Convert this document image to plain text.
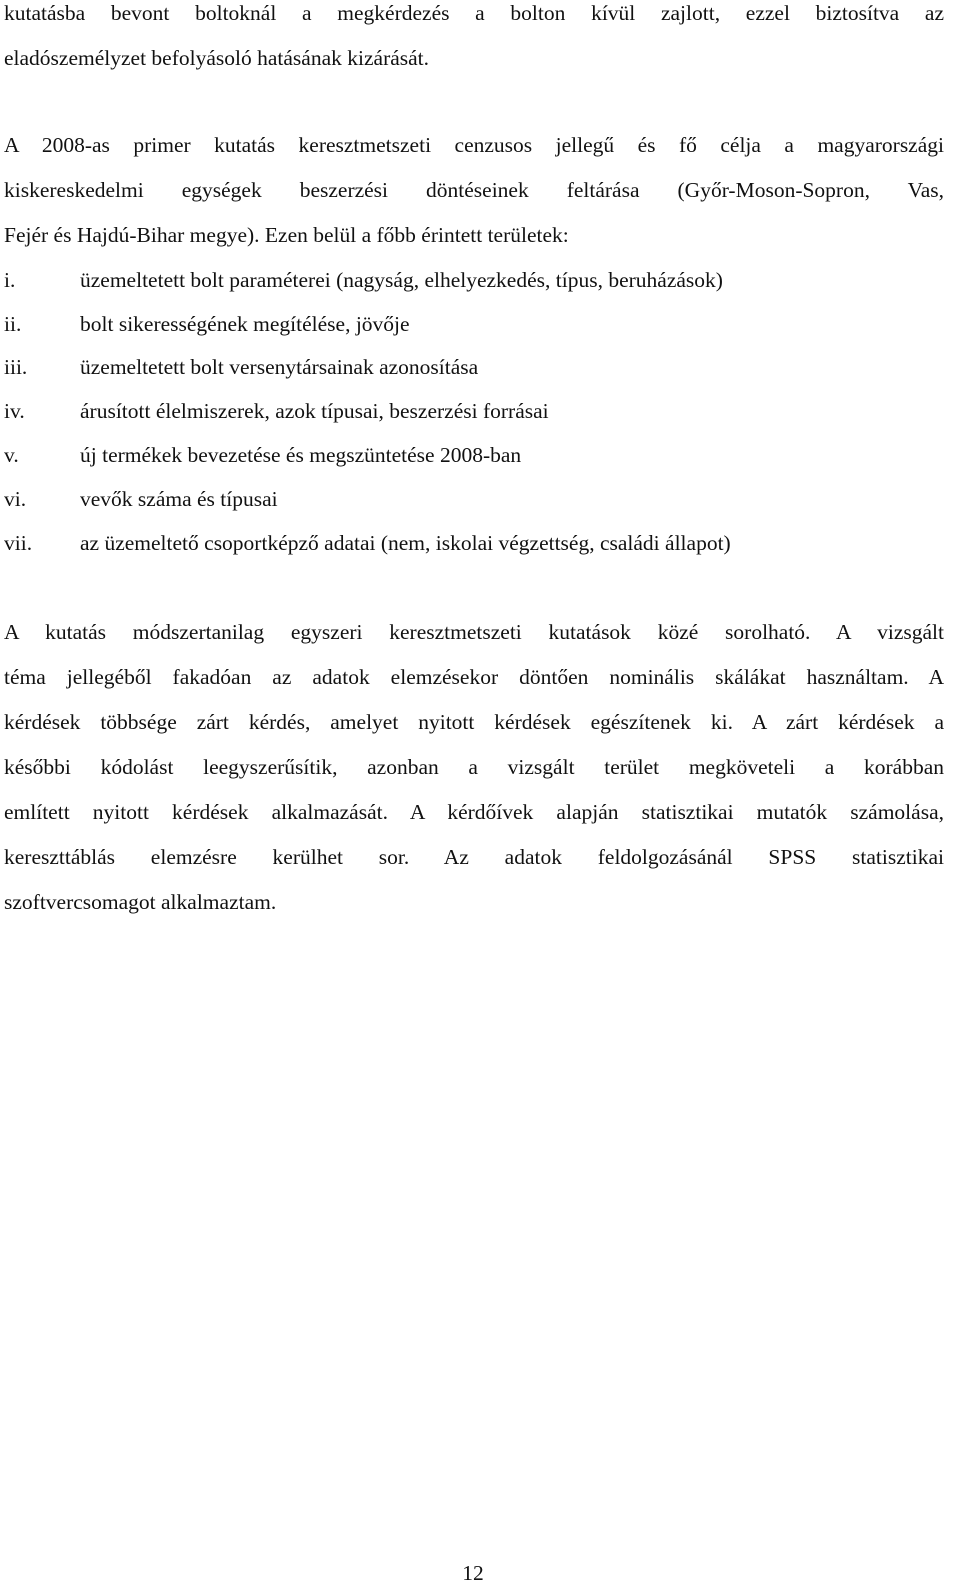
kutatásba bevont boltoknál a megkérdezés a bolton kívül zajlott, ezzel biztosítva az
eladószemélyzet befolyásoló hatásának kizárását.
A 2008-as primer kutatás keresztmetszeti cenzusos jellegű és fő célja a magyarországi
kiskereskedelmi egységek beszerzési döntéseinek feltárása (Győr-Moson-Sopron, Vas,
Fejér és Hajdú-Bihar megye). Ezen belül a főbb érintett területek:
i.	üzemeltetett bolt paraméterei (nagyság, elhelyezkedés, típus, beruházások)
ii.	bolt sikerességének megítélése, jövője
iii. üzemeltetett bolt versenytársainak azonosítása
iv.	árusított élelmiszerek, azok típusai, beszerzési forrásai
v.	új termékek bevezetése és megszüntetése 2008-ban
vi.	vevők száma és típusai
vii. az üzemeltető csoportképző adatai (nem, iskolai végzettség, családi állapot)
A kutatás módszertanilag egyszeri keresztmetszeti kutatások közé sorolható. A vizsgált
téma jellegéből fakadóan az adatok elemzésekor döntően nominális skálákat használtam. A
kérdések többsége zárt kérdés, amelyet nyitott kérdések egészítenek ki. A zárt kérdések a
későbbi kódolást leegyszerűsítik, azonban a vizsgált terület megköveteli a korábban
említett nyitott kérdések alkalmazását. A kérdőívek alapján statisztikai mutatók számolása,
kereszttáblás elemzésre kerülhet sor. Az adatok feldolgozásánál SPSS statisztikai
szoftvercsomagot alkalmaztam.
12
